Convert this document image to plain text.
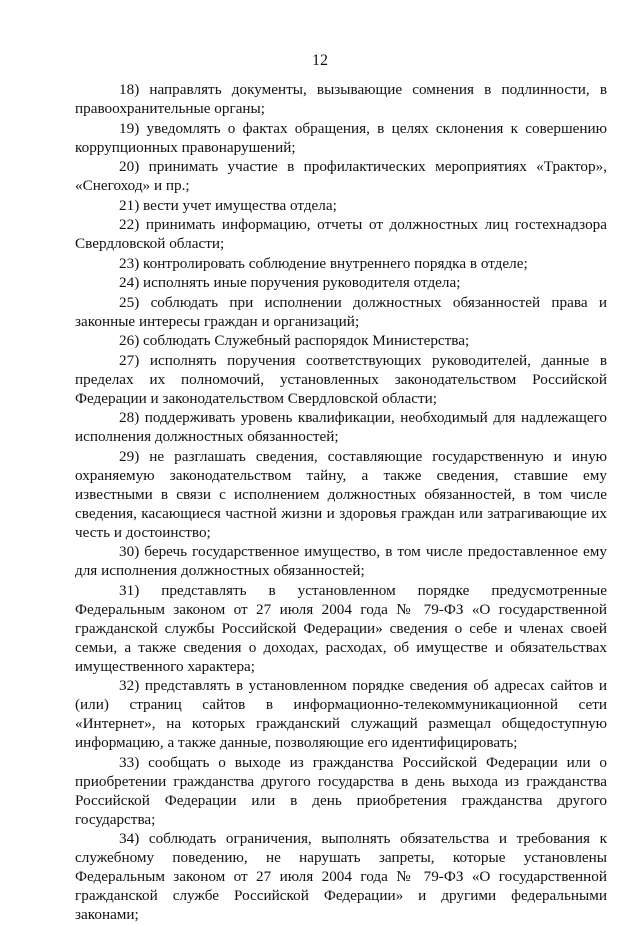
12

18) направлять документы, вызывающие сомнения в подлинности, в правоохранительные органы;

19) уведомлять о фактах обращения, в целях склонения к совершению коррупционных правонарушений;

20) принимать участие в профилактических мероприятиях «Трактор», «Снегоход» и пр.;

21) вести учет имущества отдела;

22) принимать информацию, отчеты от должностных лиц гостехнадзора Свердловской области;

23) контролировать соблюдение внутреннего порядка в отделе;

24) исполнять иные поручения руководителя отдела;

25) соблюдать при исполнении должностных обязанностей права и законные интересы граждан и организаций;

26) соблюдать Служебный распорядок Министерства;

27) исполнять поручения соответствующих руководителей, данные в пределах их полномочий, установленных законодательством Российской Федерации и законодательством Свердловской области;

28) поддерживать уровень квалификации, необходимый для надлежащего исполнения должностных обязанностей;

29) не разглашать сведения, составляющие государственную и иную охраняемую законодательством тайну, а также сведения, ставшие ему известными в связи с исполнением должностных обязанностей, в том числе сведения, касающиеся частной жизни и здоровья граждан или затрагивающие их честь и достоинство;

30) беречь государственное имущество, в том числе предоставленное ему для исполнения должностных обязанностей;

31) представлять в установленном порядке предусмотренные Федеральным законом от 27 июля 2004 года № 79-ФЗ «О государственной гражданской службы Российской Федерации» сведения о себе и членах своей семьи, а также сведения о доходах, расходах, об имуществе и обязательствах имущественного характера;

32) представлять в установленном порядке сведения об адресах сайтов и (или) страниц сайтов в информационно-телекоммуникационной сети «Интернет», на которых гражданский служащий размещал общедоступную информацию, а также данные, позволяющие его идентифицировать;

33) сообщать о выходе из гражданства Российской Федерации или о приобретении гражданства другого государства в день выхода из гражданства Российской Федерации или в день приобретения гражданства другого государства;

34) соблюдать ограничения, выполнять обязательства и требования к служебному поведению, не нарушать запреты, которые установлены Федеральным законом от 27 июля 2004 года № 79-ФЗ «О государственной гражданской службе Российской Федерации» и другими федеральными законами;
